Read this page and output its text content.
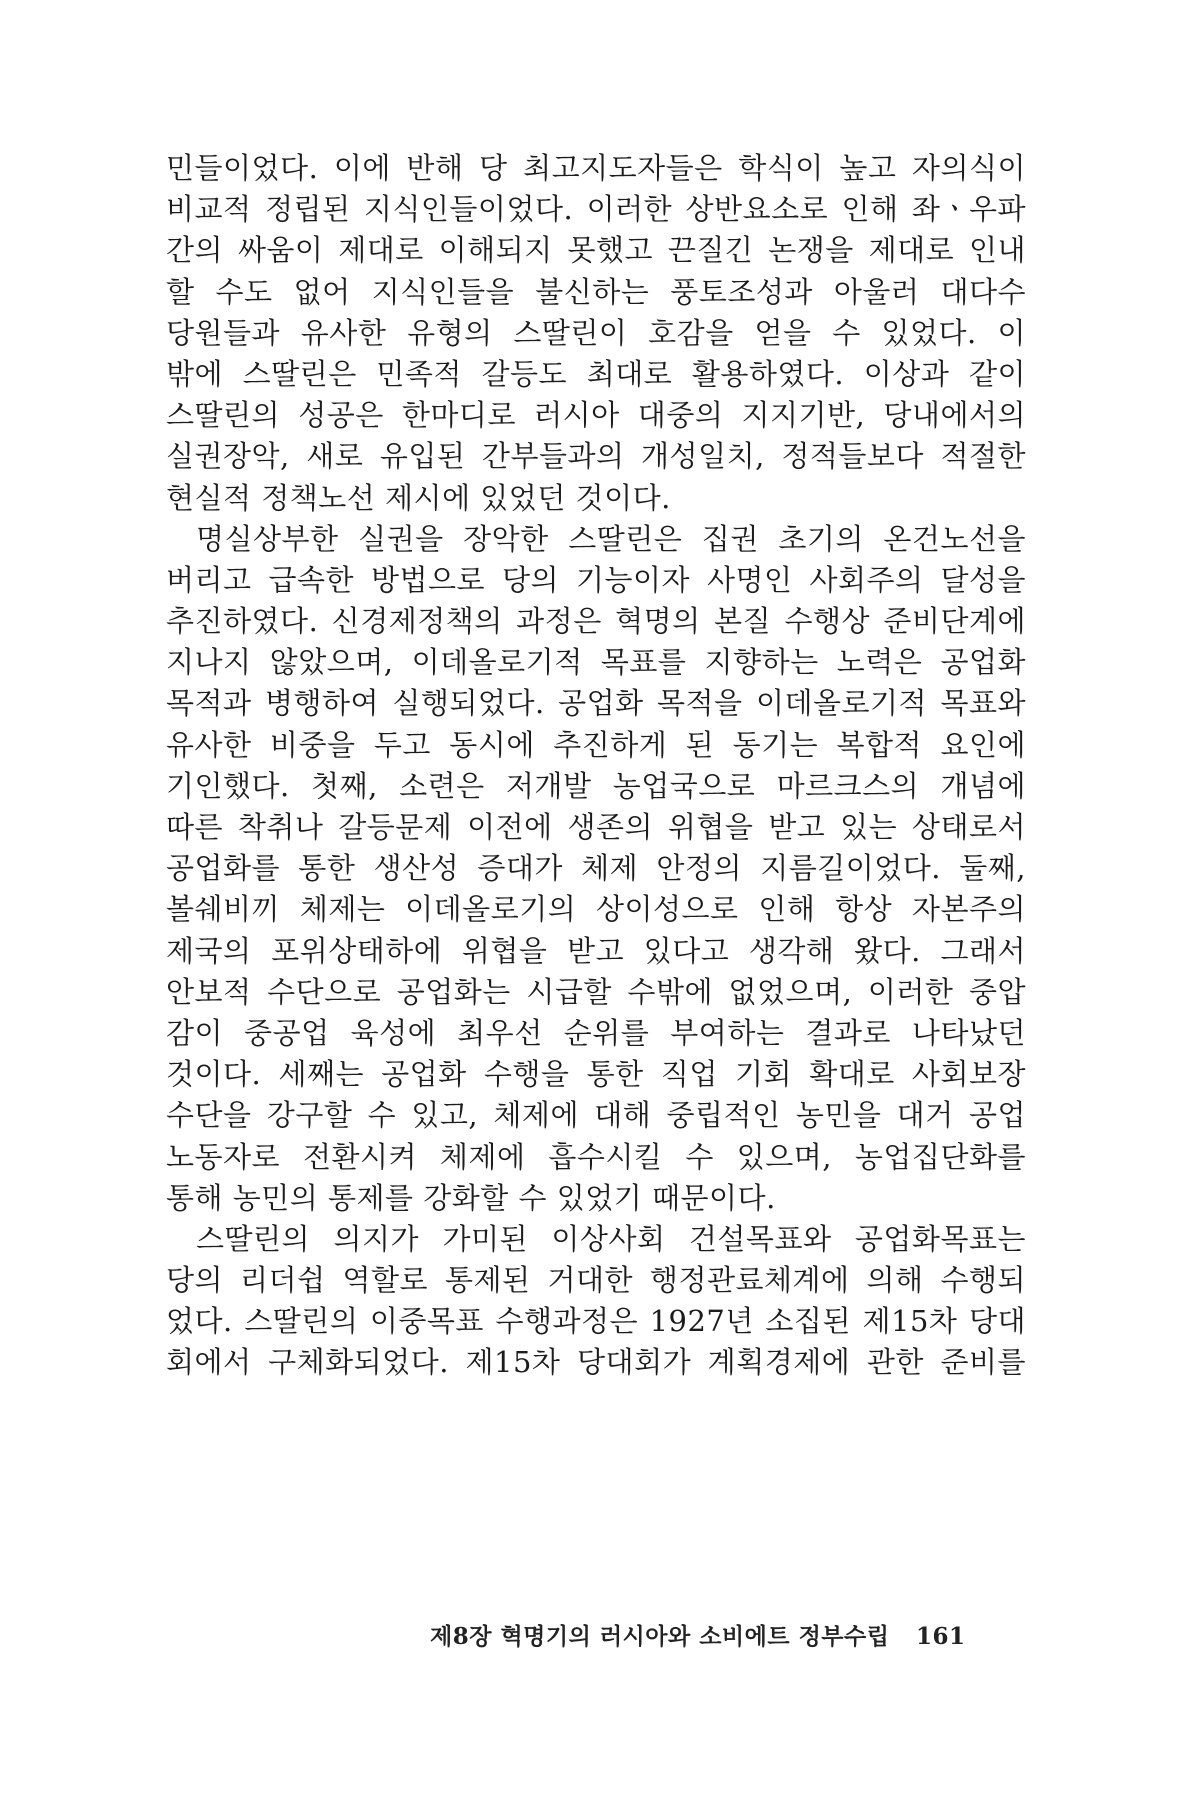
민들이었다. 이에 반해 당 최고지도자들은 학식이 높고 자의식이
비교적 정립된 지식인들이었다. 이러한 상반요소로 인해 좌ㆍ우파
간의 싸움이 제대로 이해되지 못했고 끈질긴 논쟁을 제대로 인내
할 수도 없어 지식인들을 불신하는 풍토조성과 아울러 대다수
당원들과 유사한 유형의 스딸린이 호감을 얻을 수 있었다. 이
밖에 스딸린은 민족적 갈등도 최대로 활용하였다. 이상과 같이
스딸린의 성공은 한마디로 러시아 대중의 지지기반, 당내에서의
실권장악, 새로 유입된 간부들과의 개성일치, 정적들보다 적절한
현실적 정책노선 제시에 있었던 것이다.
명실상부한 실권을 장악한 스딸린은 집권 초기의 온건노선을
버리고 급속한 방법으로 당의 기능이자 사명인 사회주의 달성을
추진하였다. 신경제정책의 과정은 혁명의 본질 수행상 준비단계에
지나지 않았으며, 이데올로기적 목표를 지향하는 노력은 공업화
목적과 병행하여 실행되었다. 공업화 목적을 이데올로기적 목표와
유사한 비중을 두고 동시에 추진하게 된 동기는 복합적 요인에
기인했다. 첫째, 소련은 저개발 농업국으로 마르크스의 개념에
따른 착취나 갈등문제 이전에 생존의 위협을 받고 있는 상태로서
공업화를 통한 생산성 증대가 체제 안정의 지름길이었다. 둘째,
볼쉐비끼 체제는 이데올로기의 상이성으로 인해 항상 자본주의
제국의 포위상태하에 위협을 받고 있다고 생각해 왔다. 그래서
안보적 수단으로 공업화는 시급할 수밖에 없었으며, 이러한 중압
감이 중공업 육성에 최우선 순위를 부여하는 결과로 나타났던
것이다. 세째는 공업화 수행을 통한 직업 기회 확대로 사회보장
수단을 강구할 수 있고, 체제에 대해 중립적인 농민을 대거 공업
노동자로 전환시켜 체제에 흡수시킬 수 있으며, 농업집단화를
통해 농민의 통제를 강화할 수 있었기 때문이다.
스딸린의 의지가 가미된 이상사회 건설목표와 공업화목표는
당의 리더쉽 역할로 통제된 거대한 행정관료체계에 의해 수행되
었다. 스딸린의 이중목표 수행과정은 1927년 소집된 제15차 당대
회에서 구체화되었다. 제15차 당대회가 계획경제에 관한 준비를
제8장 혁명기의 러시아와 소비에트 정부수립 161
